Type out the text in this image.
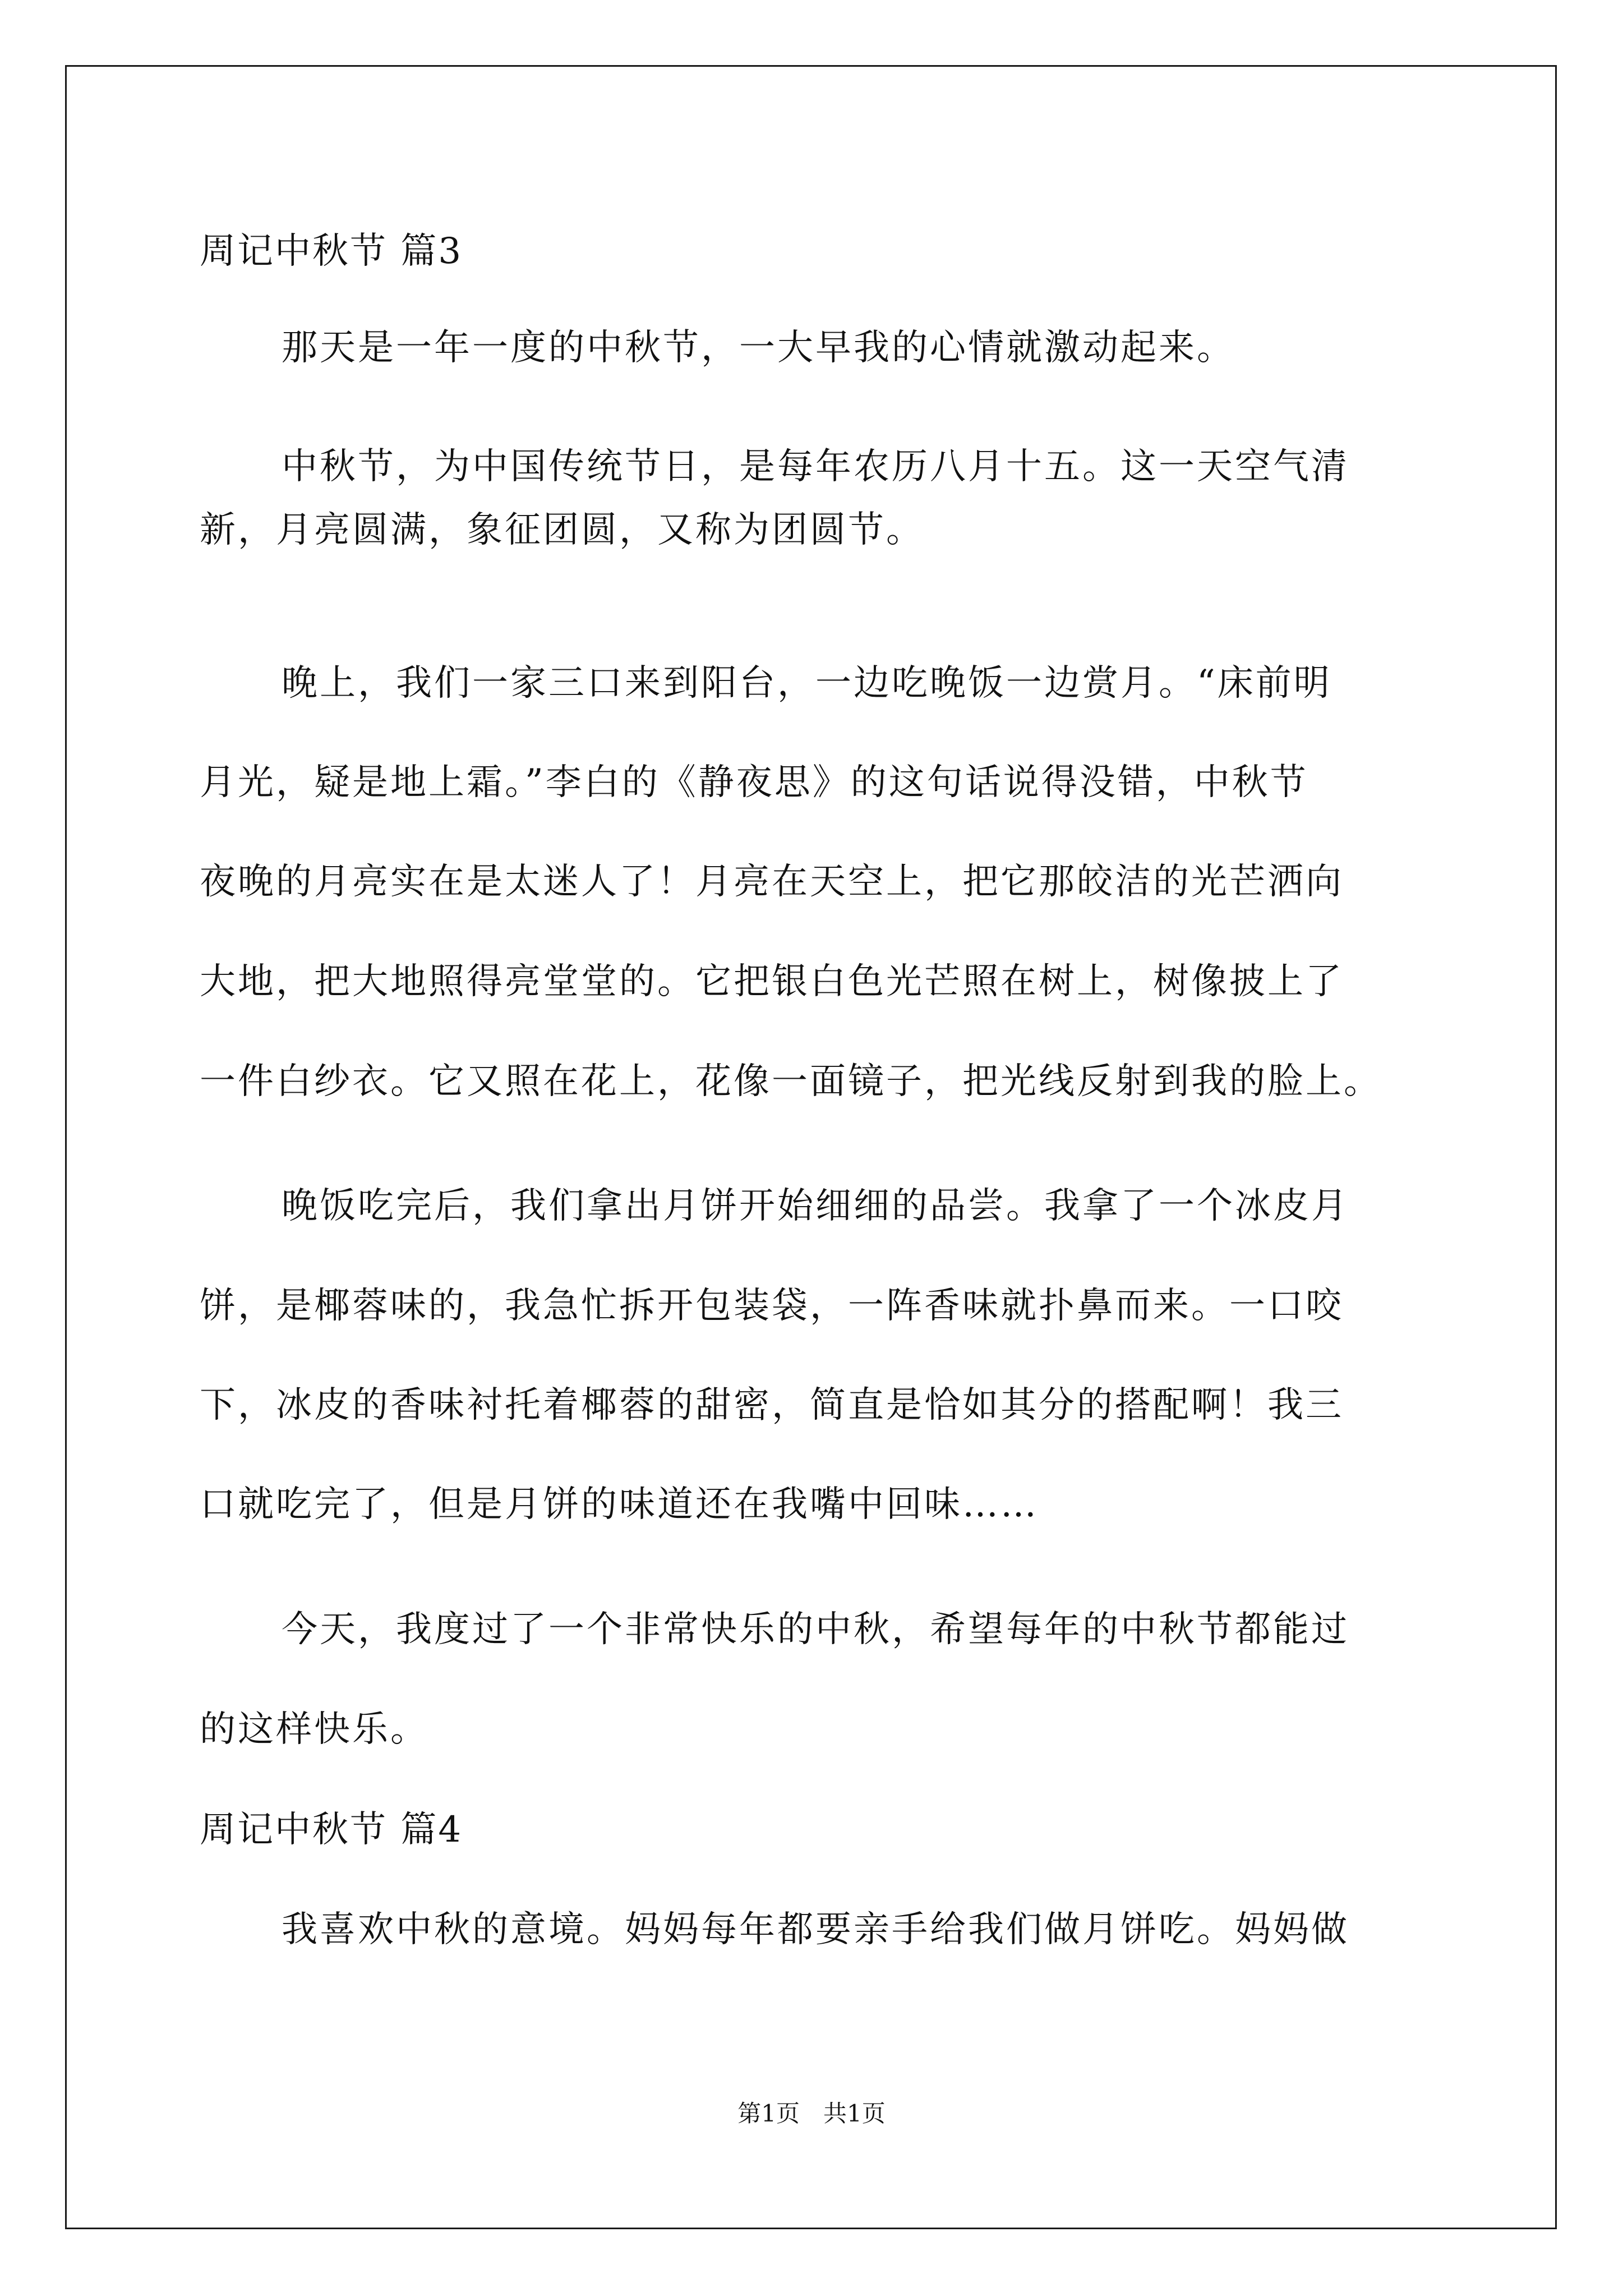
周记中秋节 篇3
那天是一年一度的中秋节，一大早我的心情就激动起来。
中秋节，为中国传统节日，是每年农历八月十五。这一天空气清
新，月亮圆满，象征团圆，又称为团圆节。
晚上，我们一家三口来到阳台，一边吃晚饭一边赏月。“床前明
月光，疑是地上霜。”李白的《静夜思》的这句话说得没错，中秋节
夜晚的月亮实在是太迷人了！月亮在天空上，把它那皎洁的光芒洒向
大地，把大地照得亮堂堂的。它把银白色光芒照在树上，树像披上了
一件白纱衣。它又照在花上，花像一面镜子，把光线反射到我的脸上。
晚饭吃完后，我们拿出月饼开始细细的品尝。我拿了一个冰皮月
饼，是椰蓉味的，我急忙拆开包装袋，一阵香味就扑鼻而来。一口咬
下，冰皮的香味衬托着椰蓉的甜密，简直是恰如其分的搭配啊！我三
口就吃完了，但是月饼的味道还在我嘴中回味……
今天，我度过了一个非常快乐的中秋，希望每年的中秋节都能过
的这样快乐。
周记中秋节 篇4
我喜欢中秋的意境。妈妈每年都要亲手给我们做月饼吃。妈妈做
第1页　共1页
